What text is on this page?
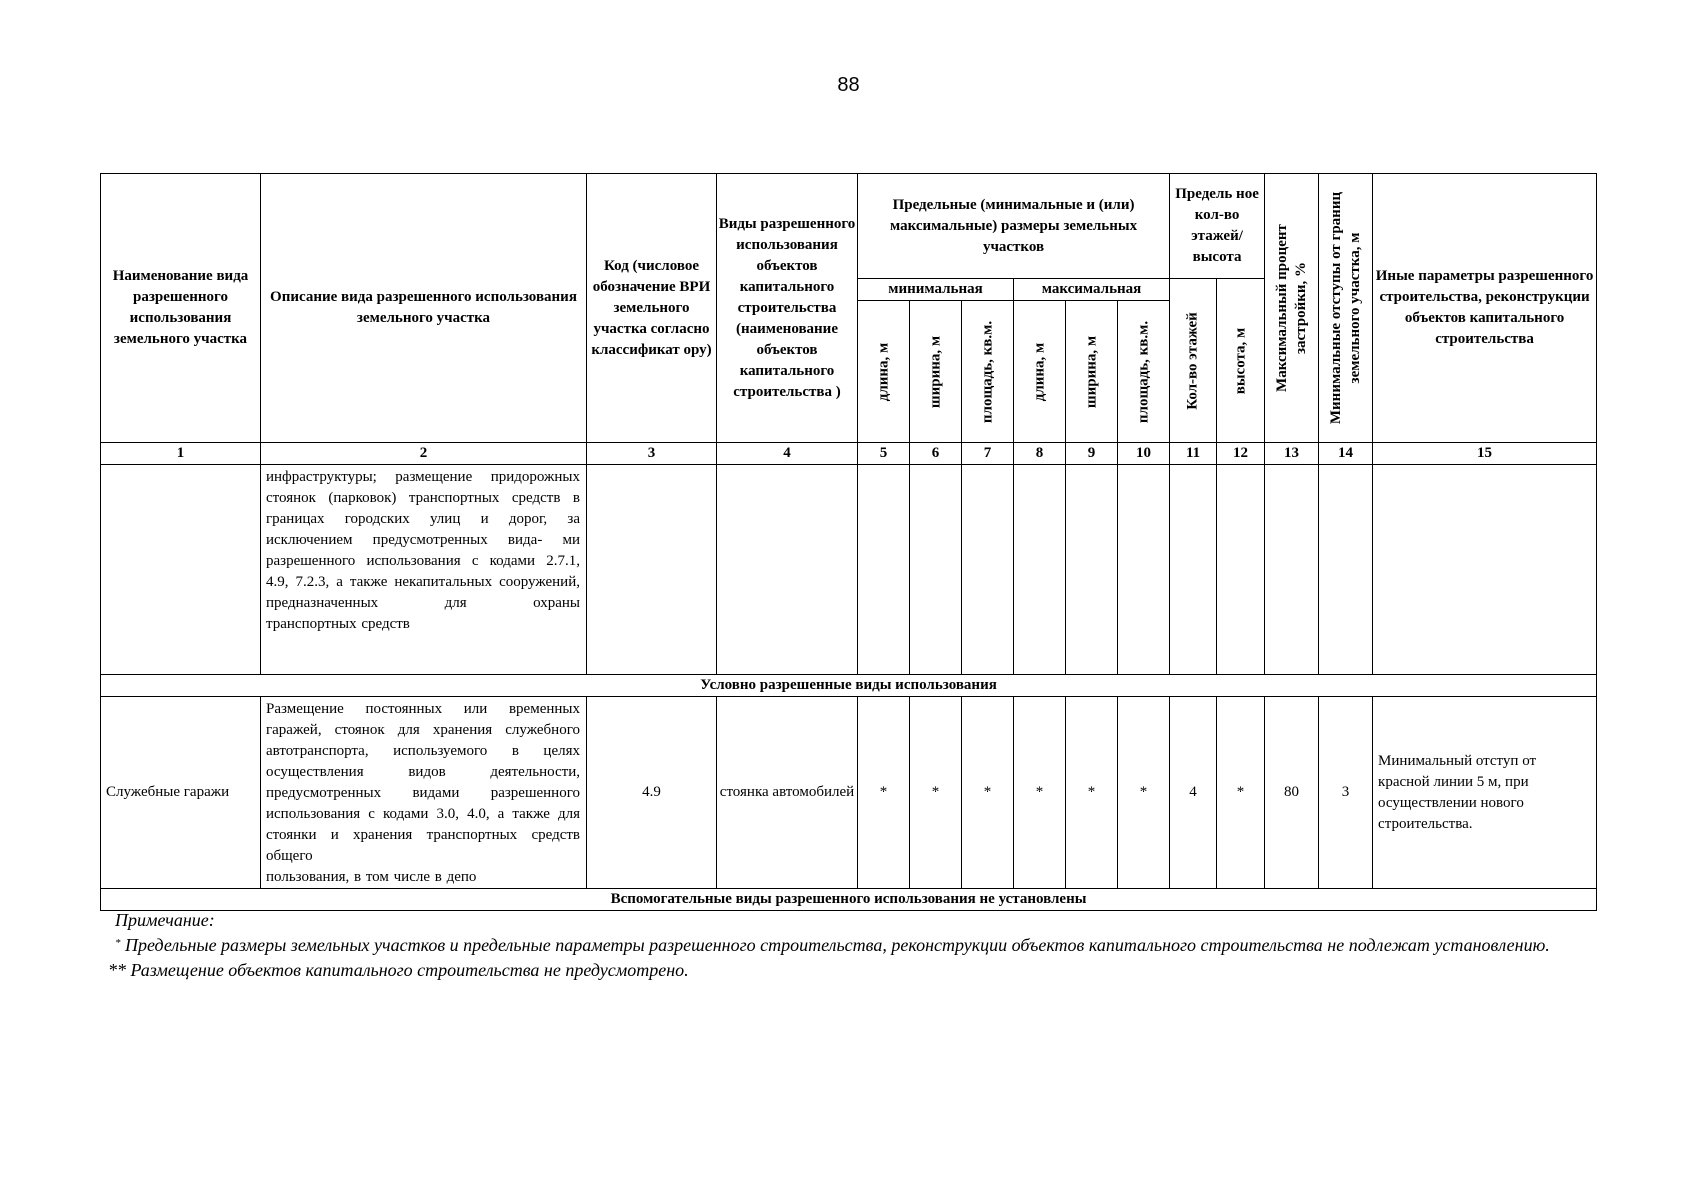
88
Наименование вида разрешенного использования земельного участка	Описание вида разрешенного использования земельного участка	Код (числовое обозначение ВРИ земельного участка согласно классификат ору)	Виды разрешенного использования объектов капитального строительства (наименование объектов капитального строительства )	Предельные (минимальные и (или) максимальные) размеры земельных участков						Предель ное кол-во этажей/ высота		Максимальный процент застройки, %	Минимальные отступы от границ земельного участка, м	Иные параметры разрешенного строительства, реконструкции объектов капитального строительства
				минимальная			максимальная			Кол-во этажей	высота, м			

				длина, м	ширина, м	площадь, кв.м.	длина, м	ширина, м	площадь, кв.м.					

1	2	3	4	5	6	7	8	9	10	11	12	13	14	15
	инфраструктуры; размещение придорожных стоянок (парковок) транспортных средств в границах городских улиц и дорог, за исключением предусмотренных вида- ми разрешенного использования с кодами 2.7.1, 4.9, 7.2.3, а также некапитальных сооружений, предназначенных для охраны
транспортных средств													

Условно разрешенные виды использования														
Служебные гаражи	Размещение постоянных или временных гаражей, стоянок для хранения служебного автотранспорта, используемого в целях осуществления видов деятельности, предусмотренных видами разрешенного использования с кодами 3.0, 4.0, а также для стоянки и хранения транспортных средств общего
пользования, в том числе в депо	4.9	стоянка автомобилей	*	*	*	*	*	*	4	*	80	3	Минимальный отступ от красной линии 5 м, при осуществлении нового строительства.
Вспомогательные виды разрешенного использования не установлены														
Примечание:
* Предельные размеры земельных участков и предельные параметры разрешенного строительства, реконструкции объектов капитального строительства не подлежат установлению.
** Размещение объектов капитального строительства не предусмотрено.
